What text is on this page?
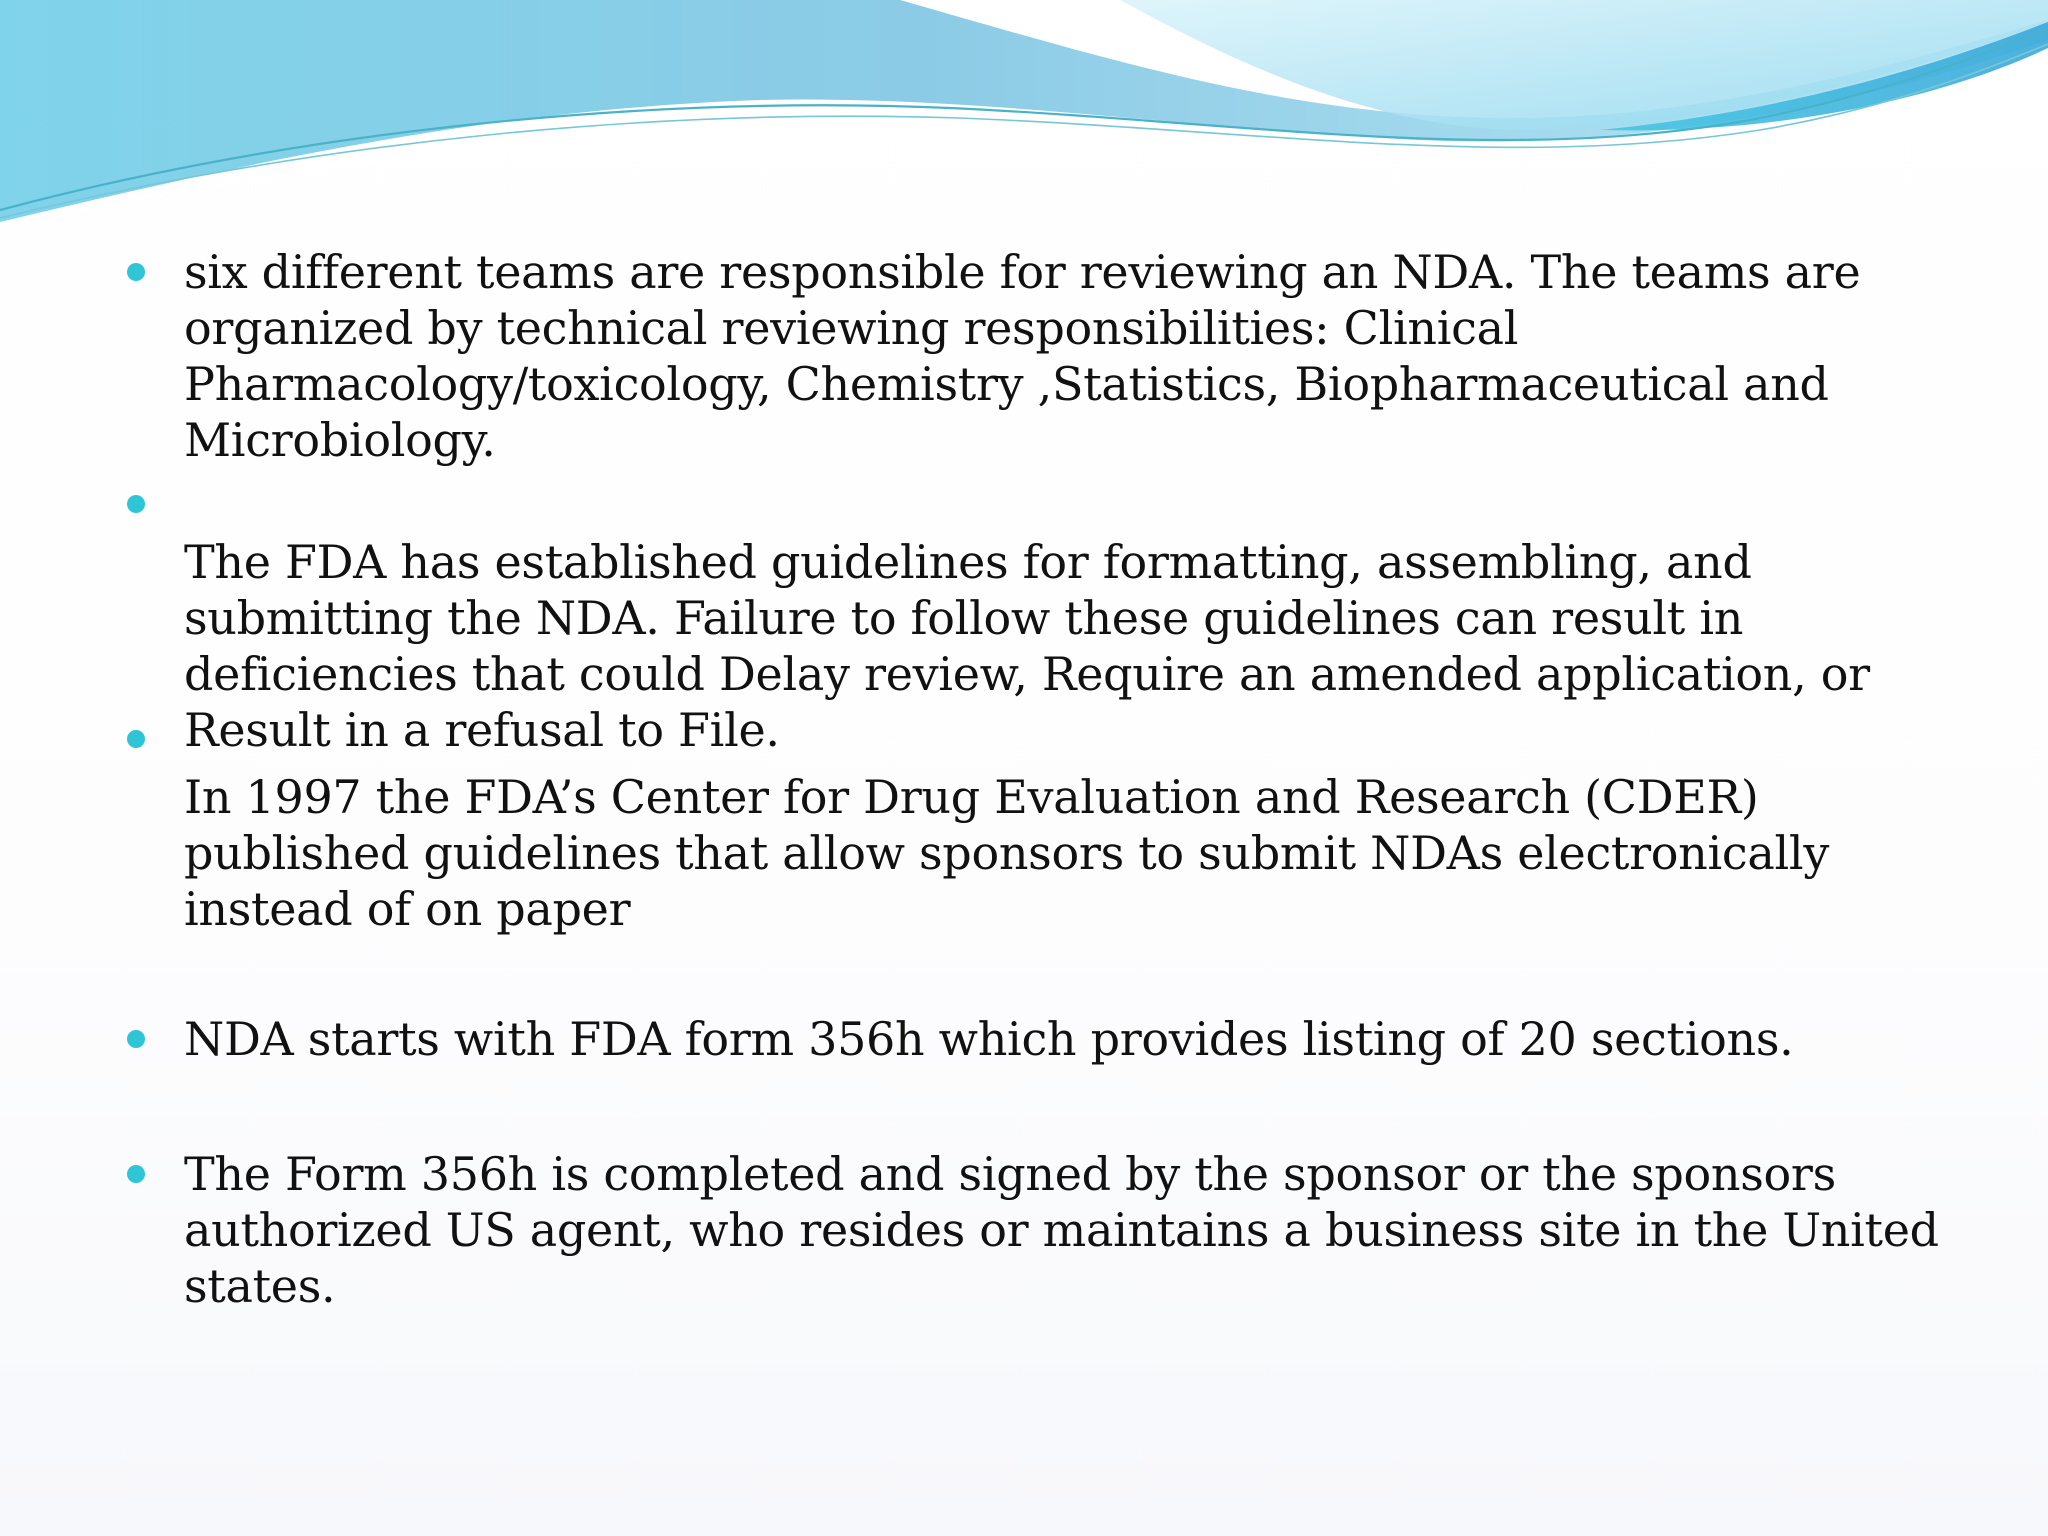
six different teams are responsible for reviewing an NDA. The teams are organized by technical reviewing responsibilities: Clinical Pharmacology/toxicology, Chemistry ,Statistics, Biopharmaceutical and Microbiology.
The FDA has established guidelines for formatting, assembling, and submitting the NDA. Failure to follow these guidelines can result in deficiencies that could Delay review, Require an amended application, or Result in a refusal to File.
In 1997 the FDA’s Center for Drug Evaluation and Research (CDER) published guidelines that allow sponsors to submit NDAs electronically instead of on paper
NDA starts with FDA form 356h which provides listing of 20 sections.
The Form 356h is completed and signed by the sponsor or the sponsors authorized US agent, who resides or maintains a business site in the United states.
